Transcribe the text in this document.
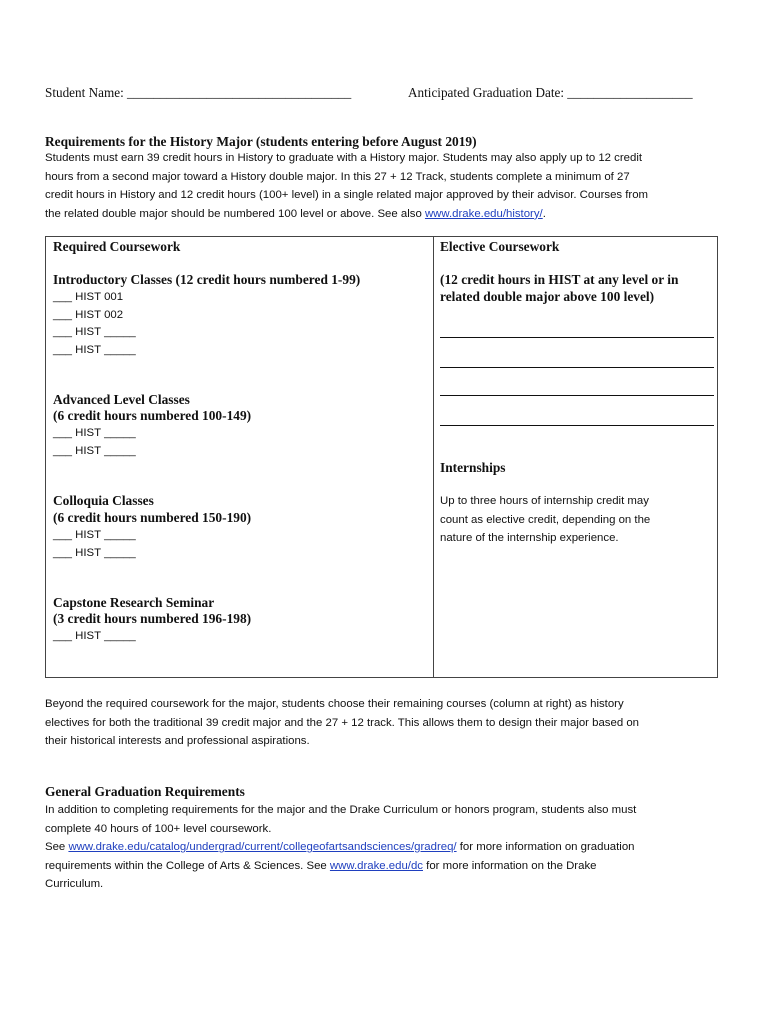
Student Name: __________________________________	Anticipated Graduation Date: ___________________
Requirements for the History Major (students entering before August 2019)
Students must earn 39 credit hours in History to graduate with a History major. Students may also apply up to 12 credit
hours from a second major toward a History double major. In this 27 + 12 Track, students complete a minimum of 27
credit hours in History and 12 credit hours (100+ level) in a single related major approved by their advisor. Courses from
the related double major should be numbered 100 level or above. See also www.drake.edu/history/.
Required Coursework
Introductory Classes (12 credit hours numbered 1-99)
___ HIST 001
___ HIST 002
___ HIST _____
___ HIST _____
Advanced Level Classes
(6 credit hours numbered 100-149)
___ HIST _____
___ HIST _____
Colloquia Classes
(6 credit hours numbered 150-190)
___ HIST _____
___ HIST _____
Capstone Research Seminar
(3 credit hours numbered 196-198)
___ HIST _____

Elective Coursework
(12 credit hours in HIST at any level or in
related double major above 100 level)
Internships
Up to three hours of internship credit may
count as elective credit, depending on the
nature of the internship experience.
Beyond the required coursework for the major, students choose their remaining courses (column at right) as history
electives for both the traditional 39 credit major and the 27 + 12 track. This allows them to design their major based on
their historical interests and professional aspirations.
General Graduation Requirements
In addition to completing requirements for the major and the Drake Curriculum or honors program, students also must
complete 40 hours of 100+ level coursework.
See www.drake.edu/catalog/undergrad/current/collegeofartsandsciences/gradreq/ for more information on graduation
requirements within the College of Arts & Sciences. See www.drake.edu/dc for more information on the Drake
Curriculum.
